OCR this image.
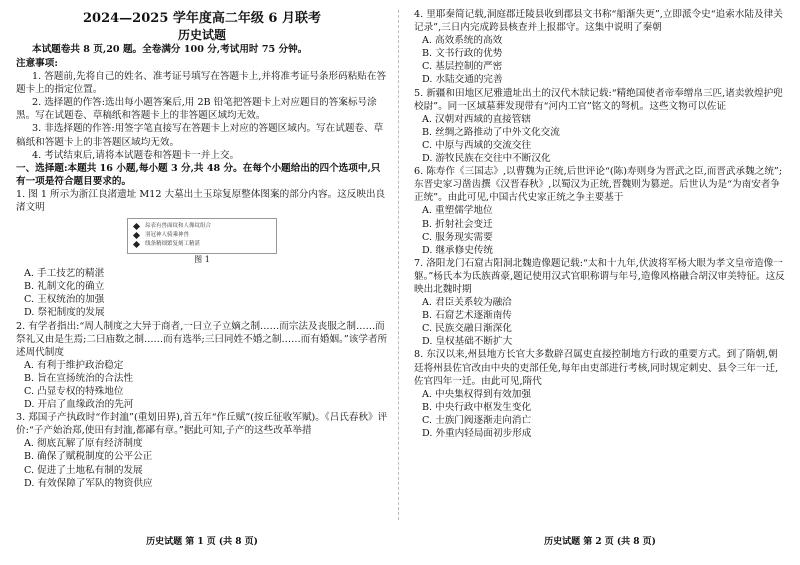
2024—2025 学年度高二年级 6 月联考
历史试题
本试题卷共 8 页,20 题。全卷满分 100 分,考试用时 75 分钟。
注意事项:

1. 答题前,先将自己的姓名、准考证号填写在答题卡上,并将准考证号条形码粘贴在答题卡上的指定位置。

2. 选择题的作答:选出每小题答案后,用 2B 铅笔把答题卡上对应题目的答案标号涂黑。写在试题卷、草稿纸和答题卡上的非答题区域均无效。

3. 非选择题的作答:用签字笔直接写在答题卡上对应的答题区域内。写在试题卷、草稿纸和答题卡上的非答题区域均无效。

4. 考试结束后,请将本试题卷和答题卡一并上交。

一、选择题:本题共 16 小题,每小题 3 分,共 48 分。在每个小题给出的四个选项中,只有一项是符合题目要求的。

1. 图 1 所示为浙江良渚遗址 M12 大墓出土玉琮复原整体图案的部分内容。这反映出良渚文明

琮表有兽面纹和人像纹组合
羽冠神人骑乘神兽
线条精细繁复刻工精湛
图 1

A. 手工技艺的精湛

B. 礼制文化的确立

C. 王权统治的加强

D. 祭祀制度的发展

2. 有学者指出:“周人制度之大异于商者,一曰立子立嫡之制……而宗法及丧服之制……而祭礼又由是生焉;二曰庙数之制……而有选举;三曰同姓不婚之制……而有婚姻。”该学者所述周代制度

A. 有利于维护政治稳定

B. 旨在宣扬统治的合法性

C. 凸显专权的特殊地位

D. 开启了血缘政治的先河

3. 郑国子产执政时“作封洫”(重划田界),首五年“作丘赋”(按丘征收军赋)。《吕氏春秋》评价:“子产始治郑,使田有封洫,都鄙有章。”据此可知,子产的这些改革举措

A. 彻底瓦解了原有经济制度

B. 确保了赋税制度的公平公正

C. 促进了土地私有制的发展

D. 有效保障了军队的物资供应

4. 里耶秦简记载,洞庭郡迁陵县收到郡县文书称“船渐失更”,立即派令史“追索水陆及律关记录”,三日内完成跨县核查并上报郡守。这集中说明了秦朝

A. 高效系统的高效

B. 文书行政的优势

C. 基层控制的严密

D. 水陆交通的完善

5. 新疆和田地区尼雅遗址出土的汉代木牍记载:“精绝国使者帝奉缯帛三匹,诸卖敦煌护兜校尉”。同一区域墓葬发现带有“河内工官”铭文的弩机。这些文物可以佐证

A. 汉朝对西域的直接管辖

B. 丝绸之路推动了中外文化交流

C. 中原与西域的交流交往

D. 游牧民族在交往中不断汉化

6. 陈寿作《三国志》,以曹魏为正统,后世评论“(陈)寿则身为晋武之臣,而晋武承魏之统”;东晋史家习凿齿撰《汉晋春秋》,以蜀汉为正统,晋魏则为篡逆。后世认为是“为南安者争正统”。由此可见,中国古代史家正统之争主要基于

A. 重塑儒学地位

B. 折射社会变迁

C. 服务现实需要

D. 继承修史传统

7. 洛阳龙门石窟古阳洞北魏造像题记载:“太和十九年,伏波将军杨大眼为孝文皇帝造像一躯。”杨氏本为氐族酋豪,题记使用汉式官职称谓与年号,造像风格融合胡汉审美特征。这反映出北魏时期

A. 君臣关系较为融洽

B. 石窟艺术逐渐南传

C. 民族交融日渐深化

D. 皇权基础不断扩大

8. 东汉以来,州县地方长官大多数辟召属吏直接控制地方行政的重要方式。到了隋朝,朝廷将州县佐官改由中央的吏部任免,每年由吏部进行考核,同时规定刺史、县令三年一迁,佐官四年一迁。由此可见,隋代

A. 中央集权得到有效加强

B. 中央行政中枢发生变化

C. 士族门阀逐渐走向消亡

D. 外重内轻局面初步形成

历史试题 第 1 页 (共 8 页)	历史试题 第 2 页 (共 8 页)
